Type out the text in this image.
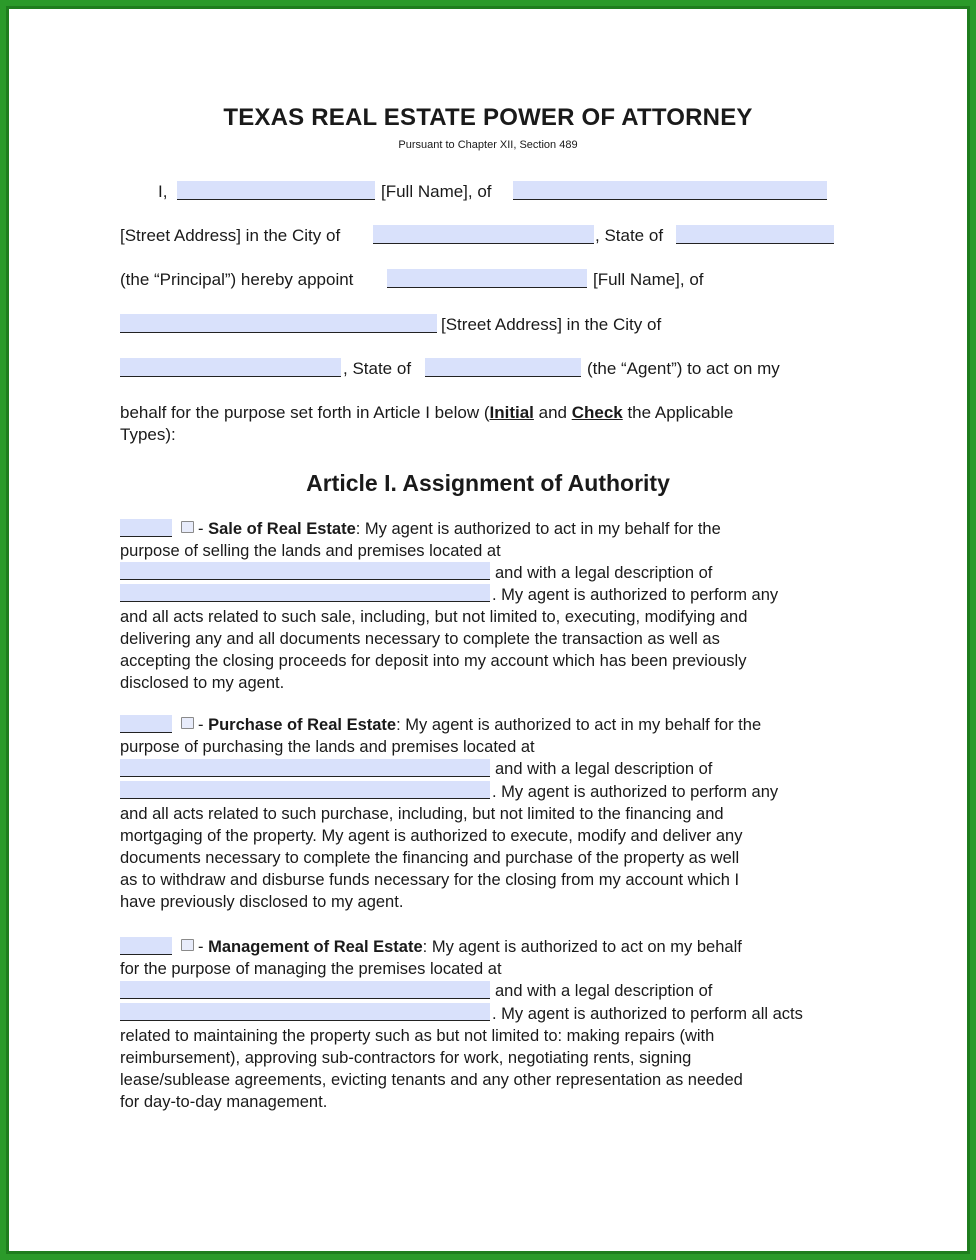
TEXAS REAL ESTATE POWER OF ATTORNEY
Pursuant to Chapter XII, Section 489
I,	[Full Name], of
[Street Address] in the City of	, State of
(the “Principal”) hereby appoint	[Full Name], of
[Street Address] in the City of
, State of	(the “Agent”) to act on my
behalf for the purpose set forth in Article I below (Initial and Check the Applicable
Types):
Article I. Assignment of Authority
- Sale of Real Estate: My agent is authorized to act in my behalf for the
purpose of selling the lands and premises located at
and with a legal description of
. My agent is authorized to perform any
and all acts related to such sale, including, but not limited to, executing, modifying and
delivering any and all documents necessary to complete the transaction as well as
accepting the closing proceeds for deposit into my account which has been previously
disclosed to my agent.
- Purchase of Real Estate: My agent is authorized to act in my behalf for the
purpose of purchasing the lands and premises located at
and with a legal description of
. My agent is authorized to perform any
and all acts related to such purchase, including, but not limited to the financing and
mortgaging of the property. My agent is authorized to execute, modify and deliver any
documents necessary to complete the financing and purchase of the property as well
as to withdraw and disburse funds necessary for the closing from my account which I
have previously disclosed to my agent.
- Management of Real Estate: My agent is authorized to act on my behalf
for the purpose of managing the premises located at
and with a legal description of
. My agent is authorized to perform all acts
related to maintaining the property such as but not limited to: making repairs (with
reimbursement), approving sub-contractors for work, negotiating rents, signing
lease/sublease agreements, evicting tenants and any other representation as needed
for day-to-day management.
